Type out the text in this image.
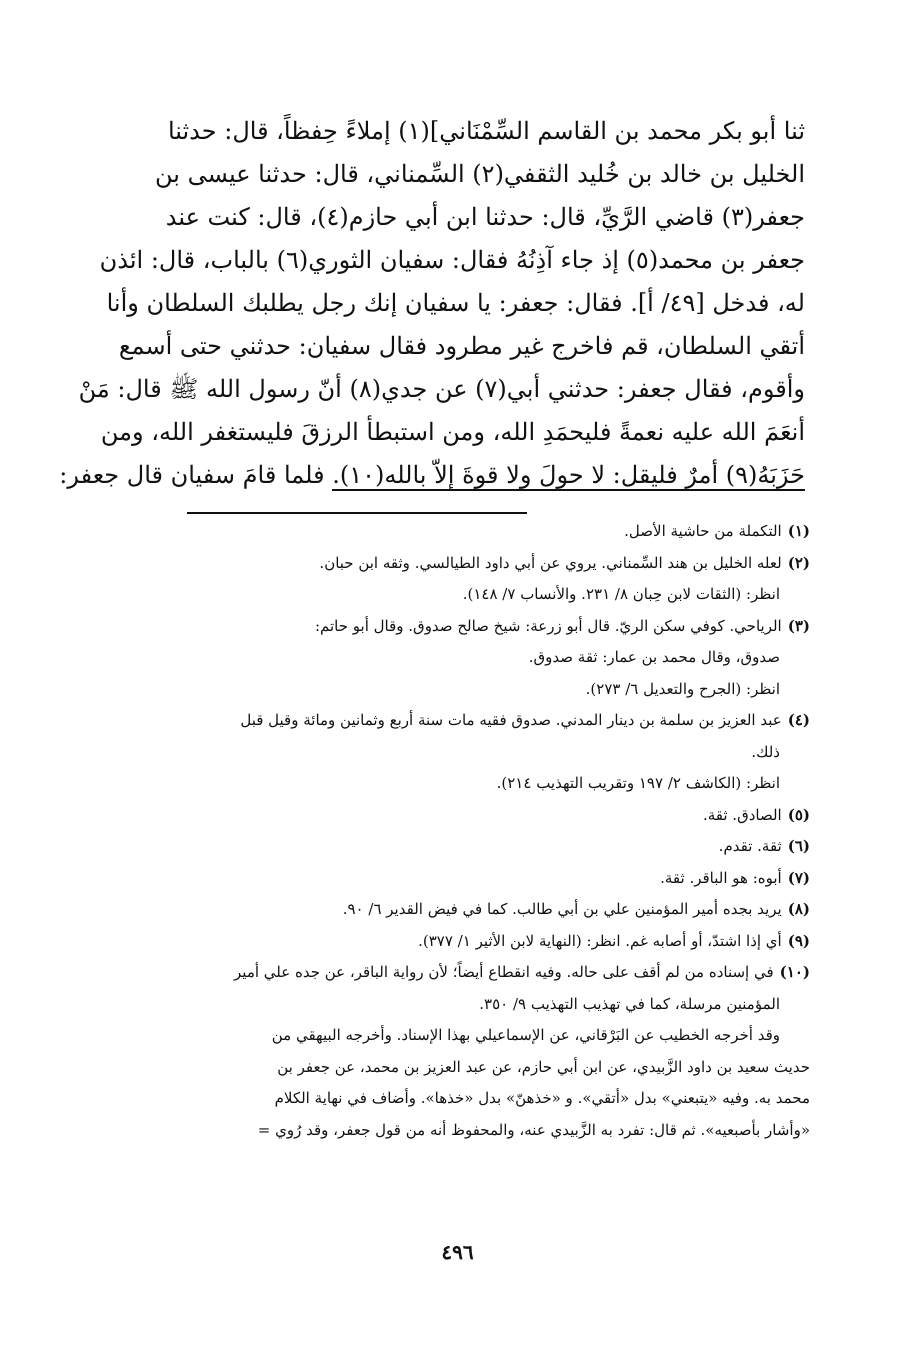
ثنا أبو بكر محمد بن القاسم السِّمْنَاني](١) إملاءً حِفظاً، قال: حدثنا
الخليل بن خالد بن خُليد الثقفي(٢) السِّمناني، قال: حدثنا عيسى بن
جعفر(٣) قاضي الرَّيِّ، قال: حدثنا ابن أبي حازم(٤)، قال: كنت عند
جعفر بن محمد(٥) إذ جاء آذِنُهُ فقال: سفيان الثوري(٦) بالباب، قال: ائذن
له، فدخل [٤٩/ أ]. فقال: جعفر: يا سفيان إنك رجل يطلبك السلطان وأنا
أتقي السلطان، قم فاخرج غير مطرود فقال سفيان: حدثني حتى أسمع
وأقوم، فقال جعفر: حدثني أبي(٧) عن جدي(٨) أنّ رسول الله ﷺ قال: مَنْ
أنعَمَ الله عليه نعمةً فليحمَدِ الله، ومن استبطأ الرزقَ فليستغفر الله، ومن
حَزَبَهُ(٩) أمرٌ فليقل: لا حولَ ولا قوةَ إلاّ بالله(١٠). فلما قامَ سفيان قال جعفر:
(١)التكملة من حاشية الأصل.
(٢)لعله الخليل بن هند السِّمناني. يروي عن أبي داود الطيالسي. وثقه ابن حبان.
انظر: (الثقات لابن حِبان ٨/ ٢٣١. والأنساب ٧/ ١٤٨).
(٣)الرياحي. كوفي سكن الريّ. قال أبو زرعة: شيخ صالح صدوق. وقال أبو حاتم:
صدوق، وقال محمد بن عمار: ثقة صدوق.
انظر: (الجرح والتعديل ٦/ ٢٧٣).
(٤)عبد العزيز بن سلمة بن دينار المدني. صدوق فقيه مات سنة أربع وثمانين ومائة وقيل قبل
ذلك.
انظر: (الكاشف ٢/ ١٩٧ وتقريب التهذيب ٢١٤).
(٥)الصادق. ثقة.
(٦)ثقة. تقدم.
(٧)أبوه: هو الباقر. ثقة.
(٨)يريد بجده أمير المؤمنين علي بن أبي طالب. كما في فيض القدير ٦/ ٩٠.
(٩)أي إذا اشتدّ، أو أصابه غم. انظر: (النهاية لابن الأثير ١/ ٣٧٧).
(١٠)في إسناده من لم أقف على حاله. وفيه انقطاع أيضاً؛ لأن رواية الباقر، عن جده علي أمير
المؤمنين مرسلة، كما في تهذيب التهذيب ٩/ ٣٥٠.
وقد أخرجه الخطيب عن البَرْقاني، عن الإسماعيلي بهذا الإسناد. وأخرجه البيهقي من
حديث سعيد بن داود الزَّبيدي، عن ابن أبي حازم، عن عبد العزيز بن محمد، عن جعفر بن
محمد به. وفيه «يتبعني» بدل «أتقي». و «خذهنّ» بدل «خذها». وأضاف في نهاية الكلام
«وأشار بأصبعيه». ثم قال: تفرد به الزَّبيدي عنه، والمحفوظ أنه من قول جعفر، وقد رُوي =
٤٩٦
